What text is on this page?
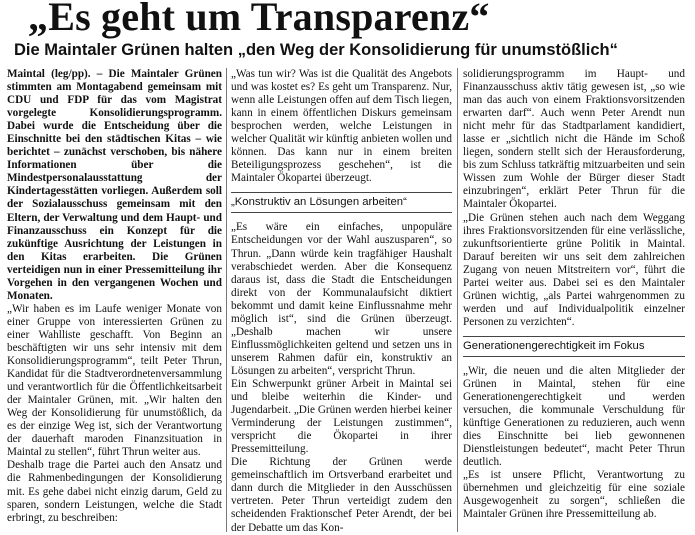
„Es geht um Transparenz“
Die Maintaler Grünen halten „den Weg der Konsolidierung für unumstößlich“

Maintal (leg/pp). – Die Maintaler Grünen stimmten am Montagabend gemeinsam mit CDU und FDP für das vom Magistrat vorgelegte Konsolidierungsprogramm. Dabei wurde die Entscheidung über die Einschnitte bei den städtischen Kitas – wie berichtet – zunächst verschoben, bis nähere Informationen über die Mindestpersonalausstattung der Kindertagesstätten vorliegen. Außerdem soll der Sozialausschuss gemeinsam mit den Eltern, der Verwaltung und dem Haupt- und Finanzausschuss ein Konzept für die zukünftige Ausrichtung der Leistungen in den Kitas erarbeiten. Die Grünen verteidigen nun in einer Pressemitteilung ihr Vorgehen in den vergangenen Wochen und Monaten.

„Wir haben es im Laufe weniger Monate von einer Gruppe von interessierten Grünen zu einer Wahlliste geschafft. Von Beginn an beschäftigten wir uns sehr intensiv mit dem Konsolidierungsprogramm“, teilt Peter Thrun, Kandidat für die Stadtverordnetenversammlung und verantwortlich für die Öffentlichkeitsarbeit der Maintaler Grünen, mit. „Wir halten den Weg der Konsolidierung für unumstößlich, da es der einzige Weg ist, sich der Verantwortung der dauerhaft maroden Finanzsituation in Maintal zu stellen“, führt Thrun weiter aus.

Deshalb trage die Partei auch den Ansatz und die Rahmenbedingungen der Konsolidierung mit. Es gehe dabei nicht einzig darum, Geld zu sparen, sondern Leistungen, welche die Stadt erbringt, zu beschreiben:

„Was tun wir? Was ist die Qualität des Angebots und was kostet es? Es geht um Transparenz. Nur, wenn alle Leistungen offen auf dem Tisch liegen, kann in einem öffentlichen Diskurs gemeinsam besprochen werden, welche Leistungen in welcher Qualität wir künftig anbieten wollen und können. Das kann nur in einem breiten Beteiligungsprozess geschehen“, ist die Maintaler Ökopartei überzeugt.

„Konstruktiv an Lösungen arbeiten“

„Es wäre ein einfaches, unpopuläre Entscheidungen vor der Wahl auszusparen“, so Thrun. „Dann würde kein tragfähiger Haushalt verabschiedet werden. Aber die Konsequenz daraus ist, dass die Stadt die Entscheidungen direkt von der Kommunalaufsicht diktiert bekommt und damit keine Einflussnahme mehr möglich ist“, sind die Grünen überzeugt. „Deshalb machen wir unsere Einflussmöglichkeiten geltend und setzen uns in unserem Rahmen dafür ein, konstruktiv an Lösungen zu arbeiten“, verspricht Thrun.

Ein Schwerpunkt grüner Arbeit in Maintal sei und bleibe weiterhin die Kinder- und Jugendarbeit. „Die Grünen werden hierbei keiner Verminderung der Leistungen zustimmen“, verspricht die Ökopartei in ihrer Pressemitteilung.

Die Richtung der Grünen werde gemeinschaftlich im Ortsverband erarbeitet und dann durch die Mitglieder in den Ausschüssen vertreten. Peter Thrun verteidigt zudem den scheidenden Fraktionschef Peter Arendt, der bei der Debatte um das Kon-

solidierungsprogramm im Haupt- und Finanzausschuss aktiv tätig gewesen ist, „so wie man das auch von einem Fraktionsvorsitzenden erwarten darf“. Auch wenn Peter Arendt nun nicht mehr für das Stadtparlament kandidiert, lasse er „sichtlich nicht die Hände im Schoß liegen, sondern stellt sich der Herausforderung, bis zum Schluss tatkräftig mitzuarbeiten und sein Wissen zum Wohle der Bürger dieser Stadt einzubringen“, erklärt Peter Thrun für die Maintaler Ökopartei.

„Die Grünen stehen auch nach dem Weggang ihres Fraktionsvorsitzenden für eine verlässliche, zukunftsorientierte grüne Politik in Maintal. Darauf bereiten wir uns seit dem zahlreichen Zugang von neuen Mitstreitern vor“, führt die Partei weiter aus. Dabei sei es den Maintaler Grünen wichtig, „als Partei wahrgenommen zu werden und auf Individualpolitik einzelner Personen zu verzichten“.

Generationengerechtigkeit im Fokus

„Wir, die neuen und die alten Mitglieder der Grünen in Maintal, stehen für eine Generationengerechtigkeit und werden versuchen, die kommunale Verschuldung für künftige Generationen zu reduzieren, auch wenn dies Einschnitte bei lieb gewonnenen Dienstleistungen bedeutet“, macht Peter Thrun deutlich.

„Es ist unsere Pflicht, Verantwortung zu übernehmen und gleichzeitig für eine soziale Ausgewogenheit zu sorgen“, schließen die Maintaler Grünen ihre Pressemitteilung ab.
